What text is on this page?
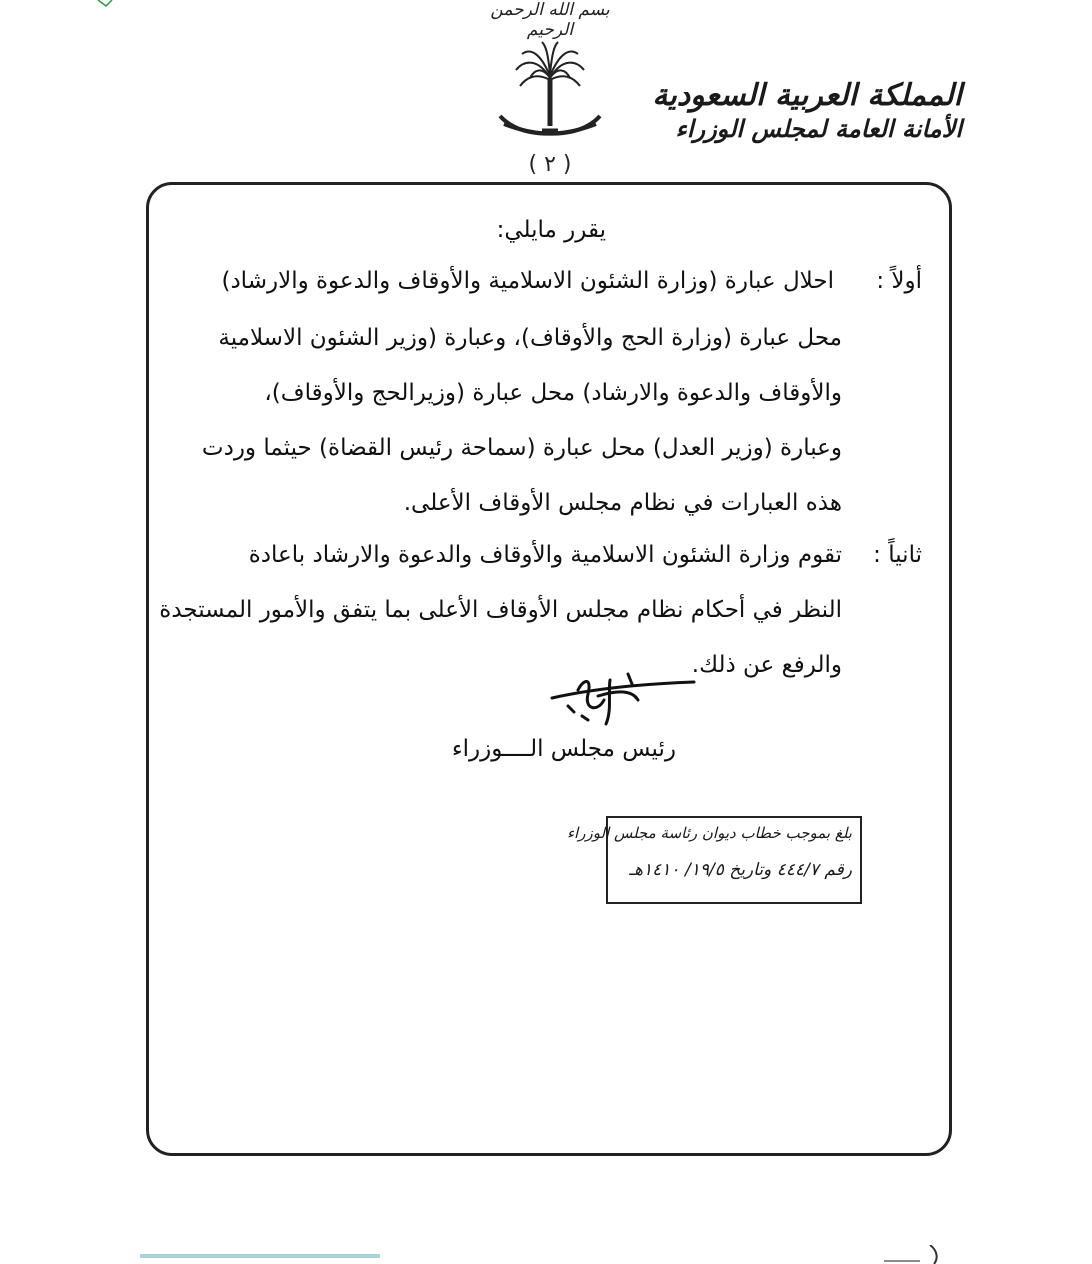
بسم الله الرحمن الرحيم
( ٢ )
المملكة العربية السعودية
الأمانة العامة لمجلس الوزراء
يقرر مايلي:
أولاً :
احلال عبارة (وزارة الشئون الاسلامية والأوقاف والدعوة والارشاد)
محل عبارة (وزارة الحج والأوقاف)، وعبارة (وزير الشئون الاسلامية
والأوقاف والدعوة والارشاد) محل عبارة (وزيرالحج والأوقاف)،
وعبارة (وزير العدل) محل عبارة (سماحة رئيس القضاة) حيثما وردت
هذه العبارات في نظام مجلس الأوقاف الأعلى.
ثانياً :
تقوم وزارة الشئون الاسلامية والأوقاف والدعوة والارشاد باعادة
النظر في أحكام نظام مجلس الأوقاف الأعلى بما يتفق والأمور المستجدة
والرفع عن ذلك.
رئيس مجلس الــــوزراء
بلغ بموجب خطاب ديوان رئاسة مجلس الوزراء
رقم ٤٤٤/٧ وتاريخ ١٩/٥/ ١٤١٠هـ
